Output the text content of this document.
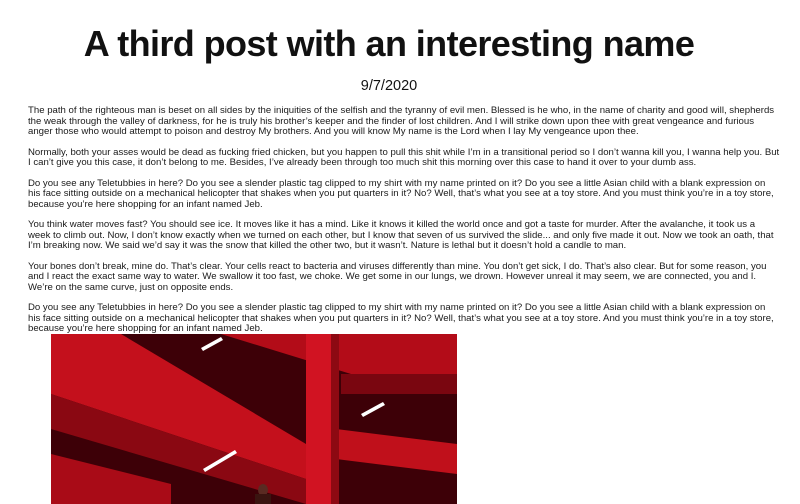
A third post with an interesting name
9/7/2020

The path of the righteous man is beset on all sides by the iniquities of the selfish and the tyranny of evil men. Blessed is he who, in the name of charity and good will, shepherds the weak through the valley of darkness, for he is truly his brother’s keeper and the finder of lost children. And I will strike down upon thee with great vengeance and furious anger those who would attempt to poison and destroy My brothers. And you will know My name is the Lord when I lay My vengeance upon thee.

Normally, both your asses would be dead as fucking fried chicken, but you happen to pull this shit while I’m in a transitional period so I don’t wanna kill you, I wanna help you. But I can’t give you this case, it don’t belong to me. Besides, I’ve already been through too much shit this morning over this case to hand it over to your dumb ass.

Do you see any Teletubbies in here? Do you see a slender plastic tag clipped to my shirt with my name printed on it? Do you see a little Asian child with a blank expression on his face sitting outside on a mechanical helicopter that shakes when you put quarters in it? No? Well, that’s what you see at a toy store. And you must think you’re in a toy store, because you’re here shopping for an infant named Jeb.

You think water moves fast? You should see ice. It moves like it has a mind. Like it knows it killed the world once and got a taste for murder. After the avalanche, it took us a week to climb out. Now, I don’t know exactly when we turned on each other, but I know that seven of us survived the slide... and only five made it out. Now we took an oath, that I’m breaking now. We said we’d say it was the snow that killed the other two, but it wasn’t. Nature is lethal but it doesn’t hold a candle to man.

Your bones don’t break, mine do. That’s clear. Your cells react to bacteria and viruses differently than mine. You don’t get sick, I do. That’s also clear. But for some reason, you and I react the exact same way to water. We swallow it too fast, we choke. We get some in our lungs, we drown. However unreal it may seem, we are connected, you and I. We’re on the same curve, just on opposite ends.

Do you see any Teletubbies in here? Do you see a slender plastic tag clipped to my shirt with my name printed on it? Do you see a little Asian child with a blank expression on his face sitting outside on a mechanical helicopter that shakes when you put quarters in it? No? Well, that’s what you see at a toy store. And you must think you’re in a toy store, because you’re here shopping for an infant named Jeb.
